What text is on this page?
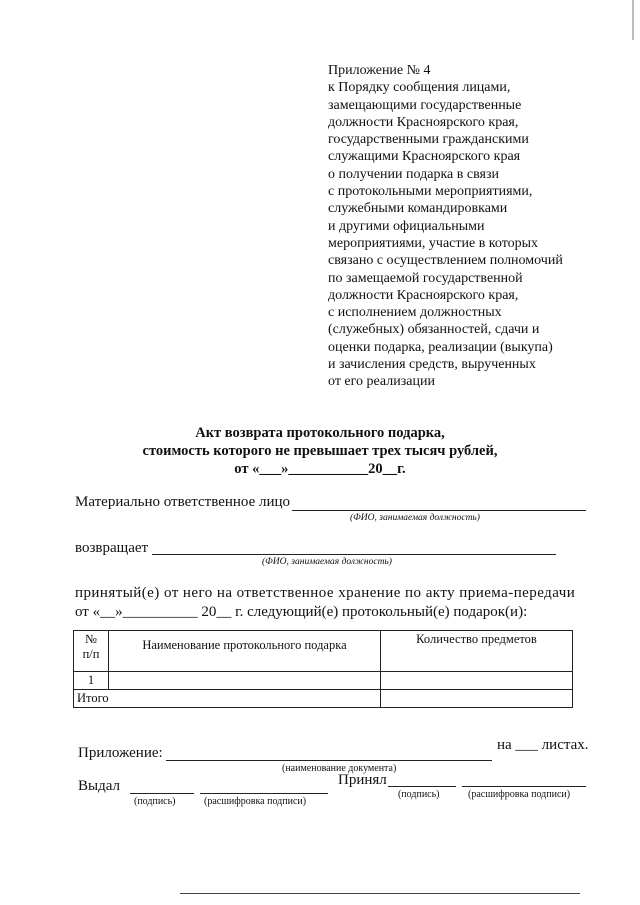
Приложение № 4
к Порядку сообщения лицами,
замещающими государственные
должности Красноярского края,
государственными гражданскими
служащими Красноярского края
о получении подарка в связи
с протокольными мероприятиями,
служебными командировками
и другими официальными
мероприятиями, участие в которых
связано с осуществлением полномочий
по замещаемой государственной
должности Красноярского края,
с исполнением должностных
(служебных) обязанностей, сдачи и
оценки подарка, реализации (выкупа)
и зачисления средств, вырученных
от его реализации
Акт возврата протокольного подарка,
стоимость которого не превышает трех тысяч рублей,
от «___»___________20__г.
Материально ответственное лицо
(ФИО, занимаемая должность)
возвращает
(ФИО, занимаемая должность)
принятый(е) от него на ответственное хранение по акту приема-передачи
от «__»__________ 20__ г. следующий(е) протокольный(е) подарок(и):
№
п/п	Наименование протокольного подарка	Количество предметов
1		
Итого		
Приложение:	на ___ листах.
(наименование документа)
Выдал
(подпись)	(расшифровка подписи)
Принял
(подпись)	(расшифровка подписи)
